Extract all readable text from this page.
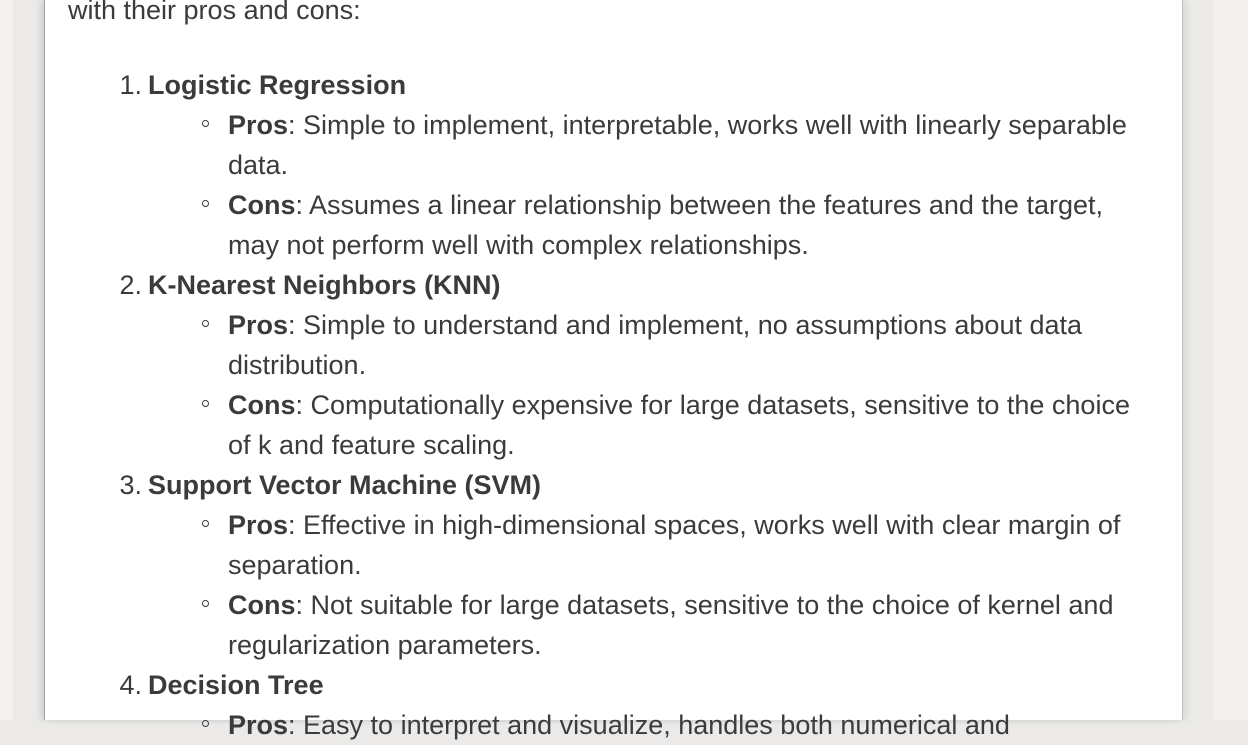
with their pros and cons:

1. Logistic Regression
Pros: Simple to implement, interpretable, works well with linearly separable data.
Cons: Assumes a linear relationship between the features and the target, may not perform well with complex relationships.
2. K-Nearest Neighbors (KNN)
Pros: Simple to understand and implement, no assumptions about data distribution.
Cons: Computationally expensive for large datasets, sensitive to the choice of k and feature scaling.
3. Support Vector Machine (SVM)
Pros: Effective in high-dimensional spaces, works well with clear margin of separation.
Cons: Not suitable for large datasets, sensitive to the choice of kernel and regularization parameters.
4. Decision Tree
Pros: Easy to interpret and visualize, handles both numerical and
